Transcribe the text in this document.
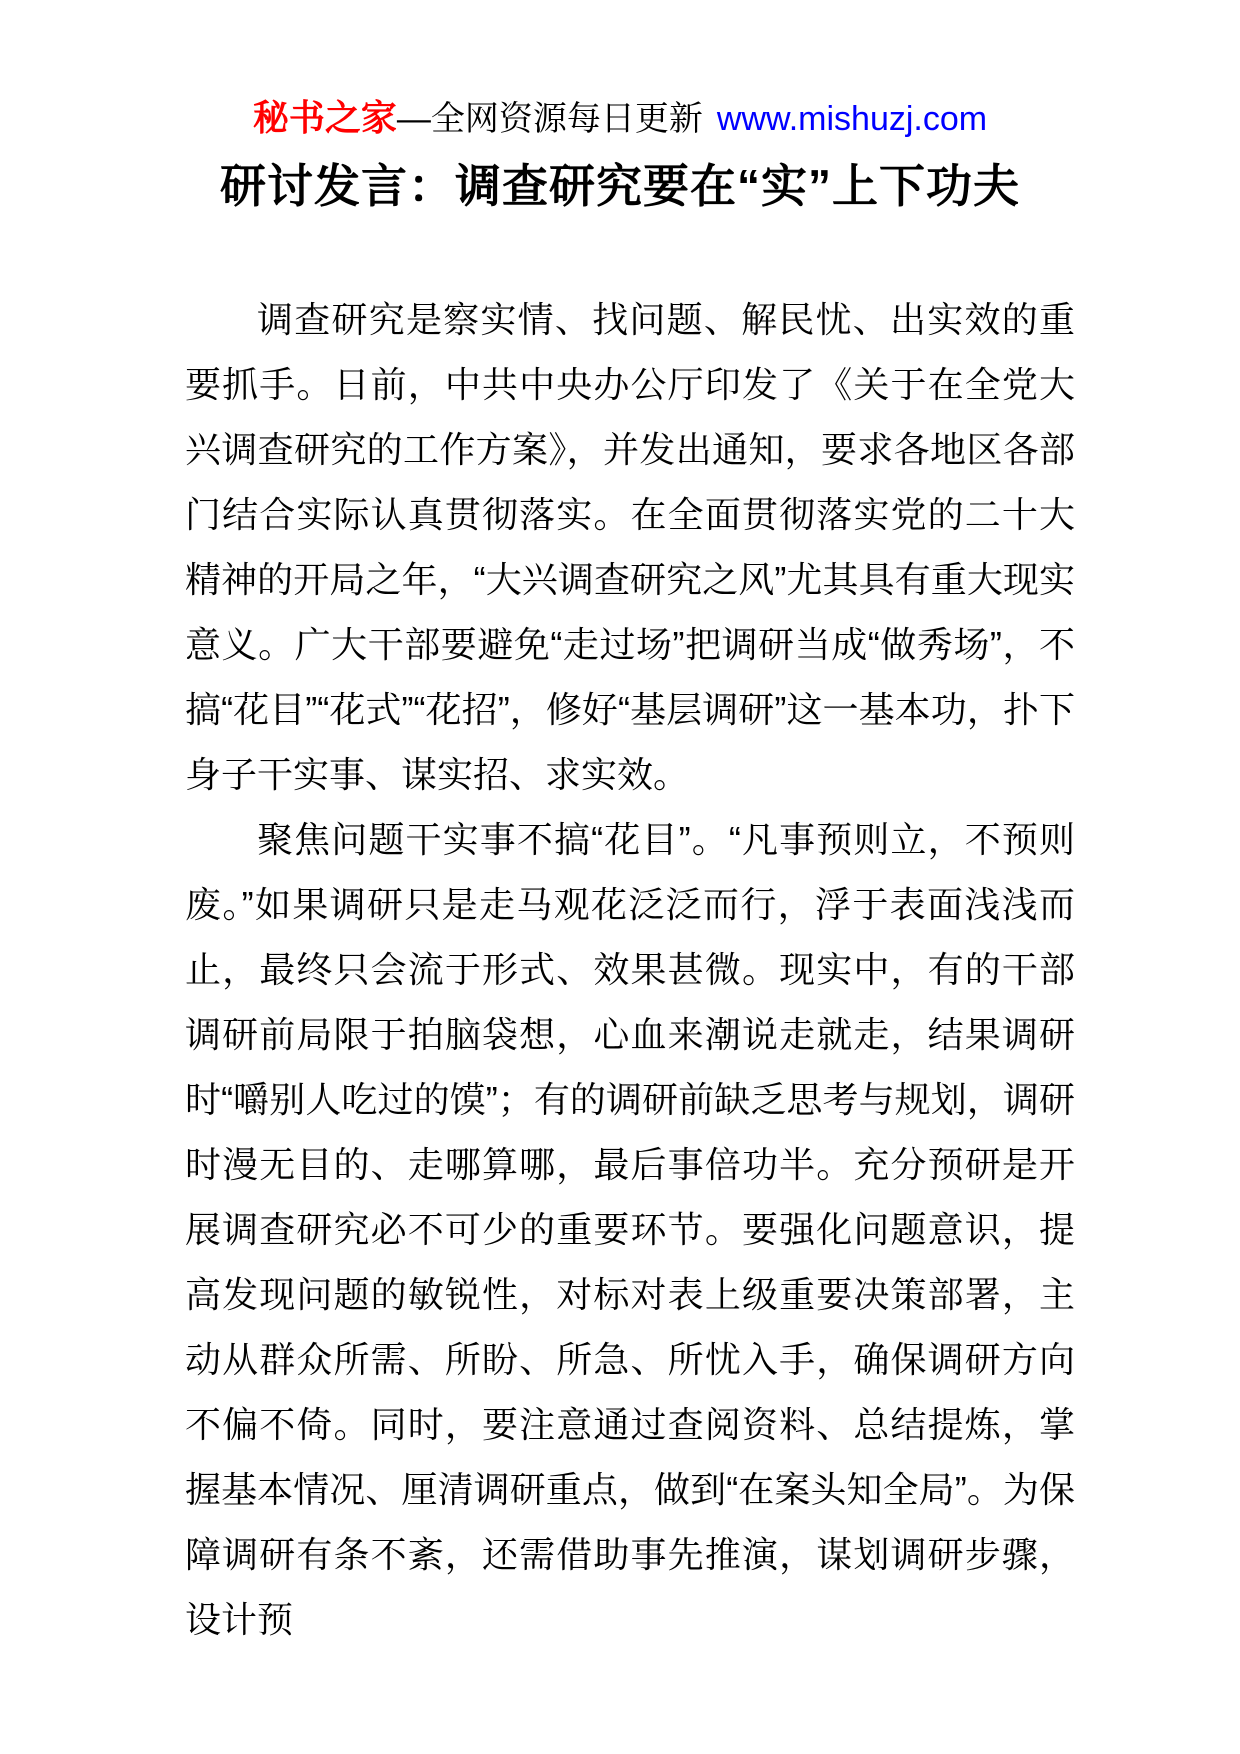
秘书之家—全网资源每日更新 www.mishuzj.com
研讨发言：调查研究要在“实”上下功夫

调查研究是察实情、找问题、解民忧、出实效的重要抓手。日前，中共中央办公厅印发了《关于在全党大兴调查研究的工作方案》，并发出通知，要求各地区各部门结合实际认真贯彻落实。在全面贯彻落实党的二十大精神的开局之年，“大兴调查研究之风”尤其具有重大现实意义。广大干部要避免“走过场”把调研当成“做秀场”，不搞“花目”“花式”“花招”，修好“基层调研”这一基本功，扑下身子干实事、谋实招、求实效。

聚焦问题干实事不搞“花目”。“凡事预则立，不预则废。”如果调研只是走马观花泛泛而行，浮于表面浅浅而止，最终只会流于形式、效果甚微。现实中，有的干部调研前局限于拍脑袋想，心血来潮说走就走，结果调研时“嚼别人吃过的馍”；有的调研前缺乏思考与规划，调研时漫无目的、走哪算哪，最后事倍功半。充分预研是开展调查研究必不可少的重要环节。要强化问题意识，提高发现问题的敏锐性，对标对表上级重要决策部署，主动从群众所需、所盼、所急、所忧入手，确保调研方向不偏不倚。同时，要注意通过查阅资料、总结提炼，掌握基本情况、厘清调研重点，做到“在案头知全局”。为保障调研有条不紊，还需借助事先推演，谋划调研步骤，设计预
